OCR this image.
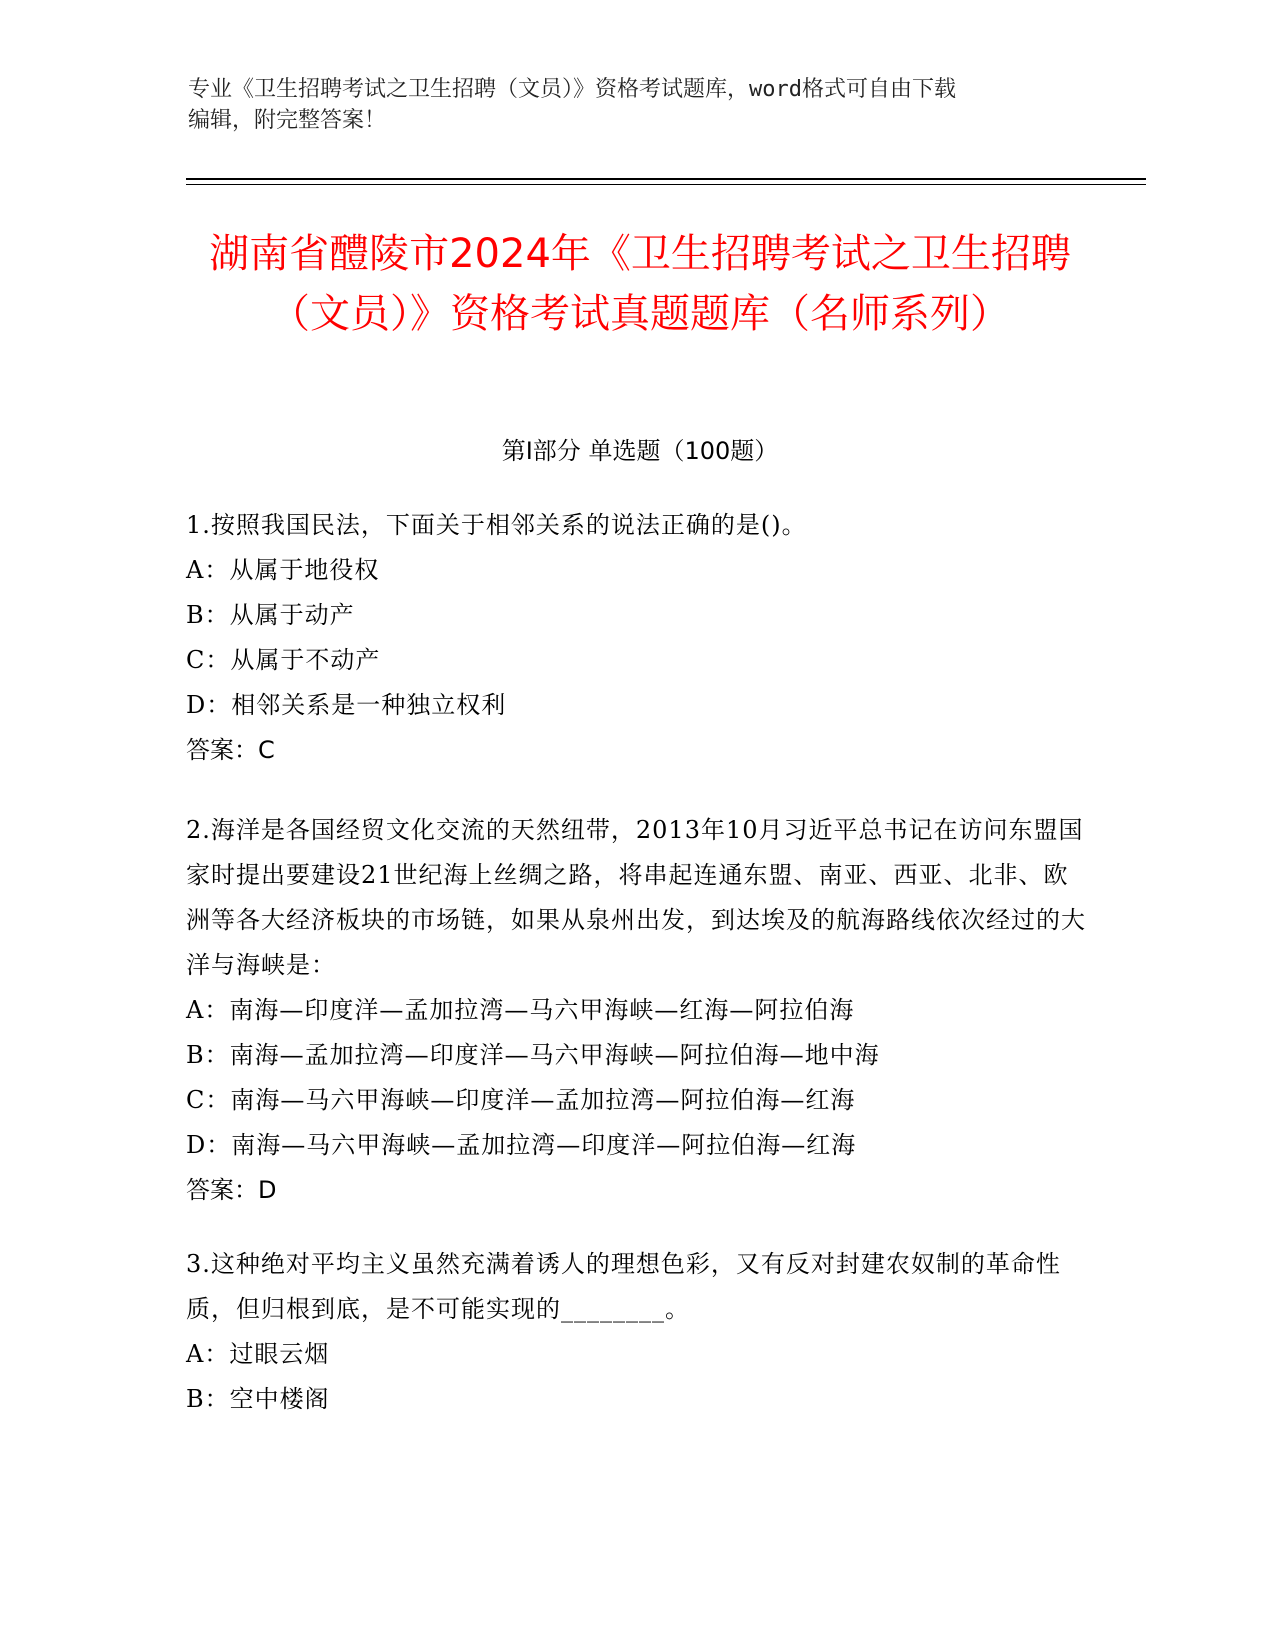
专业《卫生招聘考试之卫生招聘（文员）》资格考试题库，word格式可自由下载

编辑，附完整答案！

湖南省醴陵市2024年《卫生招聘考试之卫生招聘（文员）》资格考试真题题库（名师系列）
第Ⅰ部分 单选题（100题）

1.按照我国民法，下面关于相邻关系的说法正确的是()。

A：从属于地役权

B：从属于动产

C：从属于不动产

D：相邻关系是一种独立权利

答案：C

2.海洋是各国经贸文化交流的天然纽带，2013年10月习近平总书记在访问东盟国家时提出要建设21世纪海上丝绸之路，将串起连通东盟、南亚、西亚、北非、欧洲等各大经济板块的市场链，如果从泉州出发，到达埃及的航海路线依次经过的大洋与海峡是：

A：南海—印度洋—孟加拉湾—马六甲海峡—红海—阿拉伯海

B：南海—孟加拉湾—印度洋—马六甲海峡—阿拉伯海—地中海

C：南海—马六甲海峡—印度洋—孟加拉湾—阿拉伯海—红海

D：南海—马六甲海峡—孟加拉湾—印度洋—阿拉伯海—红海

答案：D

3.这种绝对平均主义虽然充满着诱人的理想色彩，又有反对封建农奴制的革命性质，但归根到底，是不可能实现的________。

A：过眼云烟

B：空中楼阁
